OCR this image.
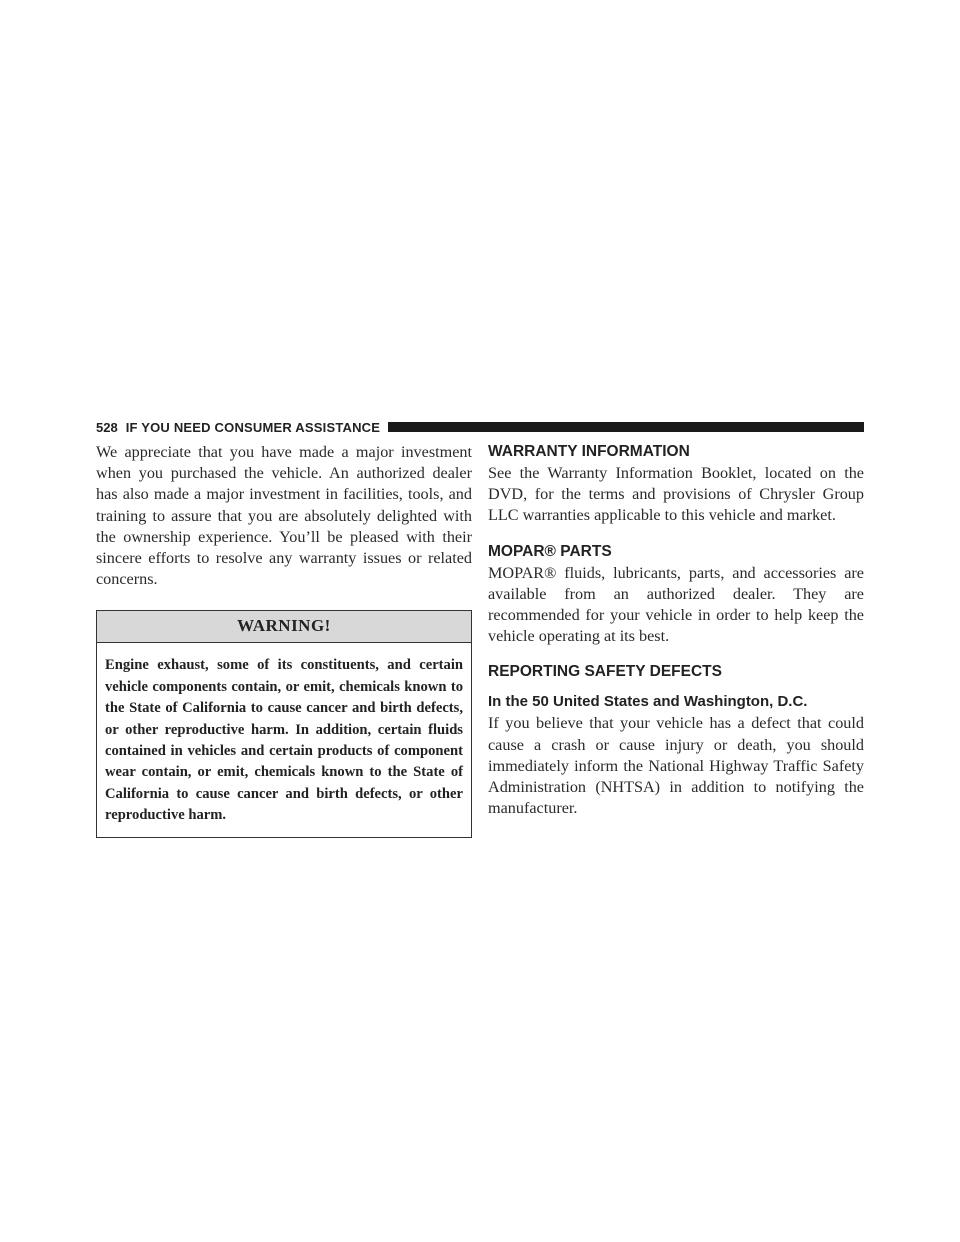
528 IF YOU NEED CONSUMER ASSISTANCE

We appreciate that you have made a major investment when you purchased the vehicle. An authorized dealer has also made a major investment in facilities, tools, and training to assure that you are absolutely delighted with the ownership experience. You’ll be pleased with their sincere efforts to resolve any warranty issues or related concerns.

WARNING!
Engine exhaust, some of its constituents, and certain vehicle components contain, or emit, chemicals known to the State of California to cause cancer and birth defects, or other reproductive harm. In addition, certain fluids contained in vehicles and certain products of component wear contain, or emit, chemicals known to the State of California to cause cancer and birth defects, or other reproductive harm.
WARRANTY INFORMATION

See the Warranty Information Booklet, located on the DVD, for the terms and provisions of Chrysler Group LLC warranties applicable to this vehicle and market.

MOPAR® PARTS

MOPAR® fluids, lubricants, parts, and accessories are available from an authorized dealer. They are recommended for your vehicle in order to help keep the vehicle operating at its best.

REPORTING SAFETY DEFECTS
In the 50 United States and Washington, D.C.

If you believe that your vehicle has a defect that could cause a crash or cause injury or death, you should immediately inform the National Highway Traffic Safety Administration (NHTSA) in addition to notifying the manufacturer.
